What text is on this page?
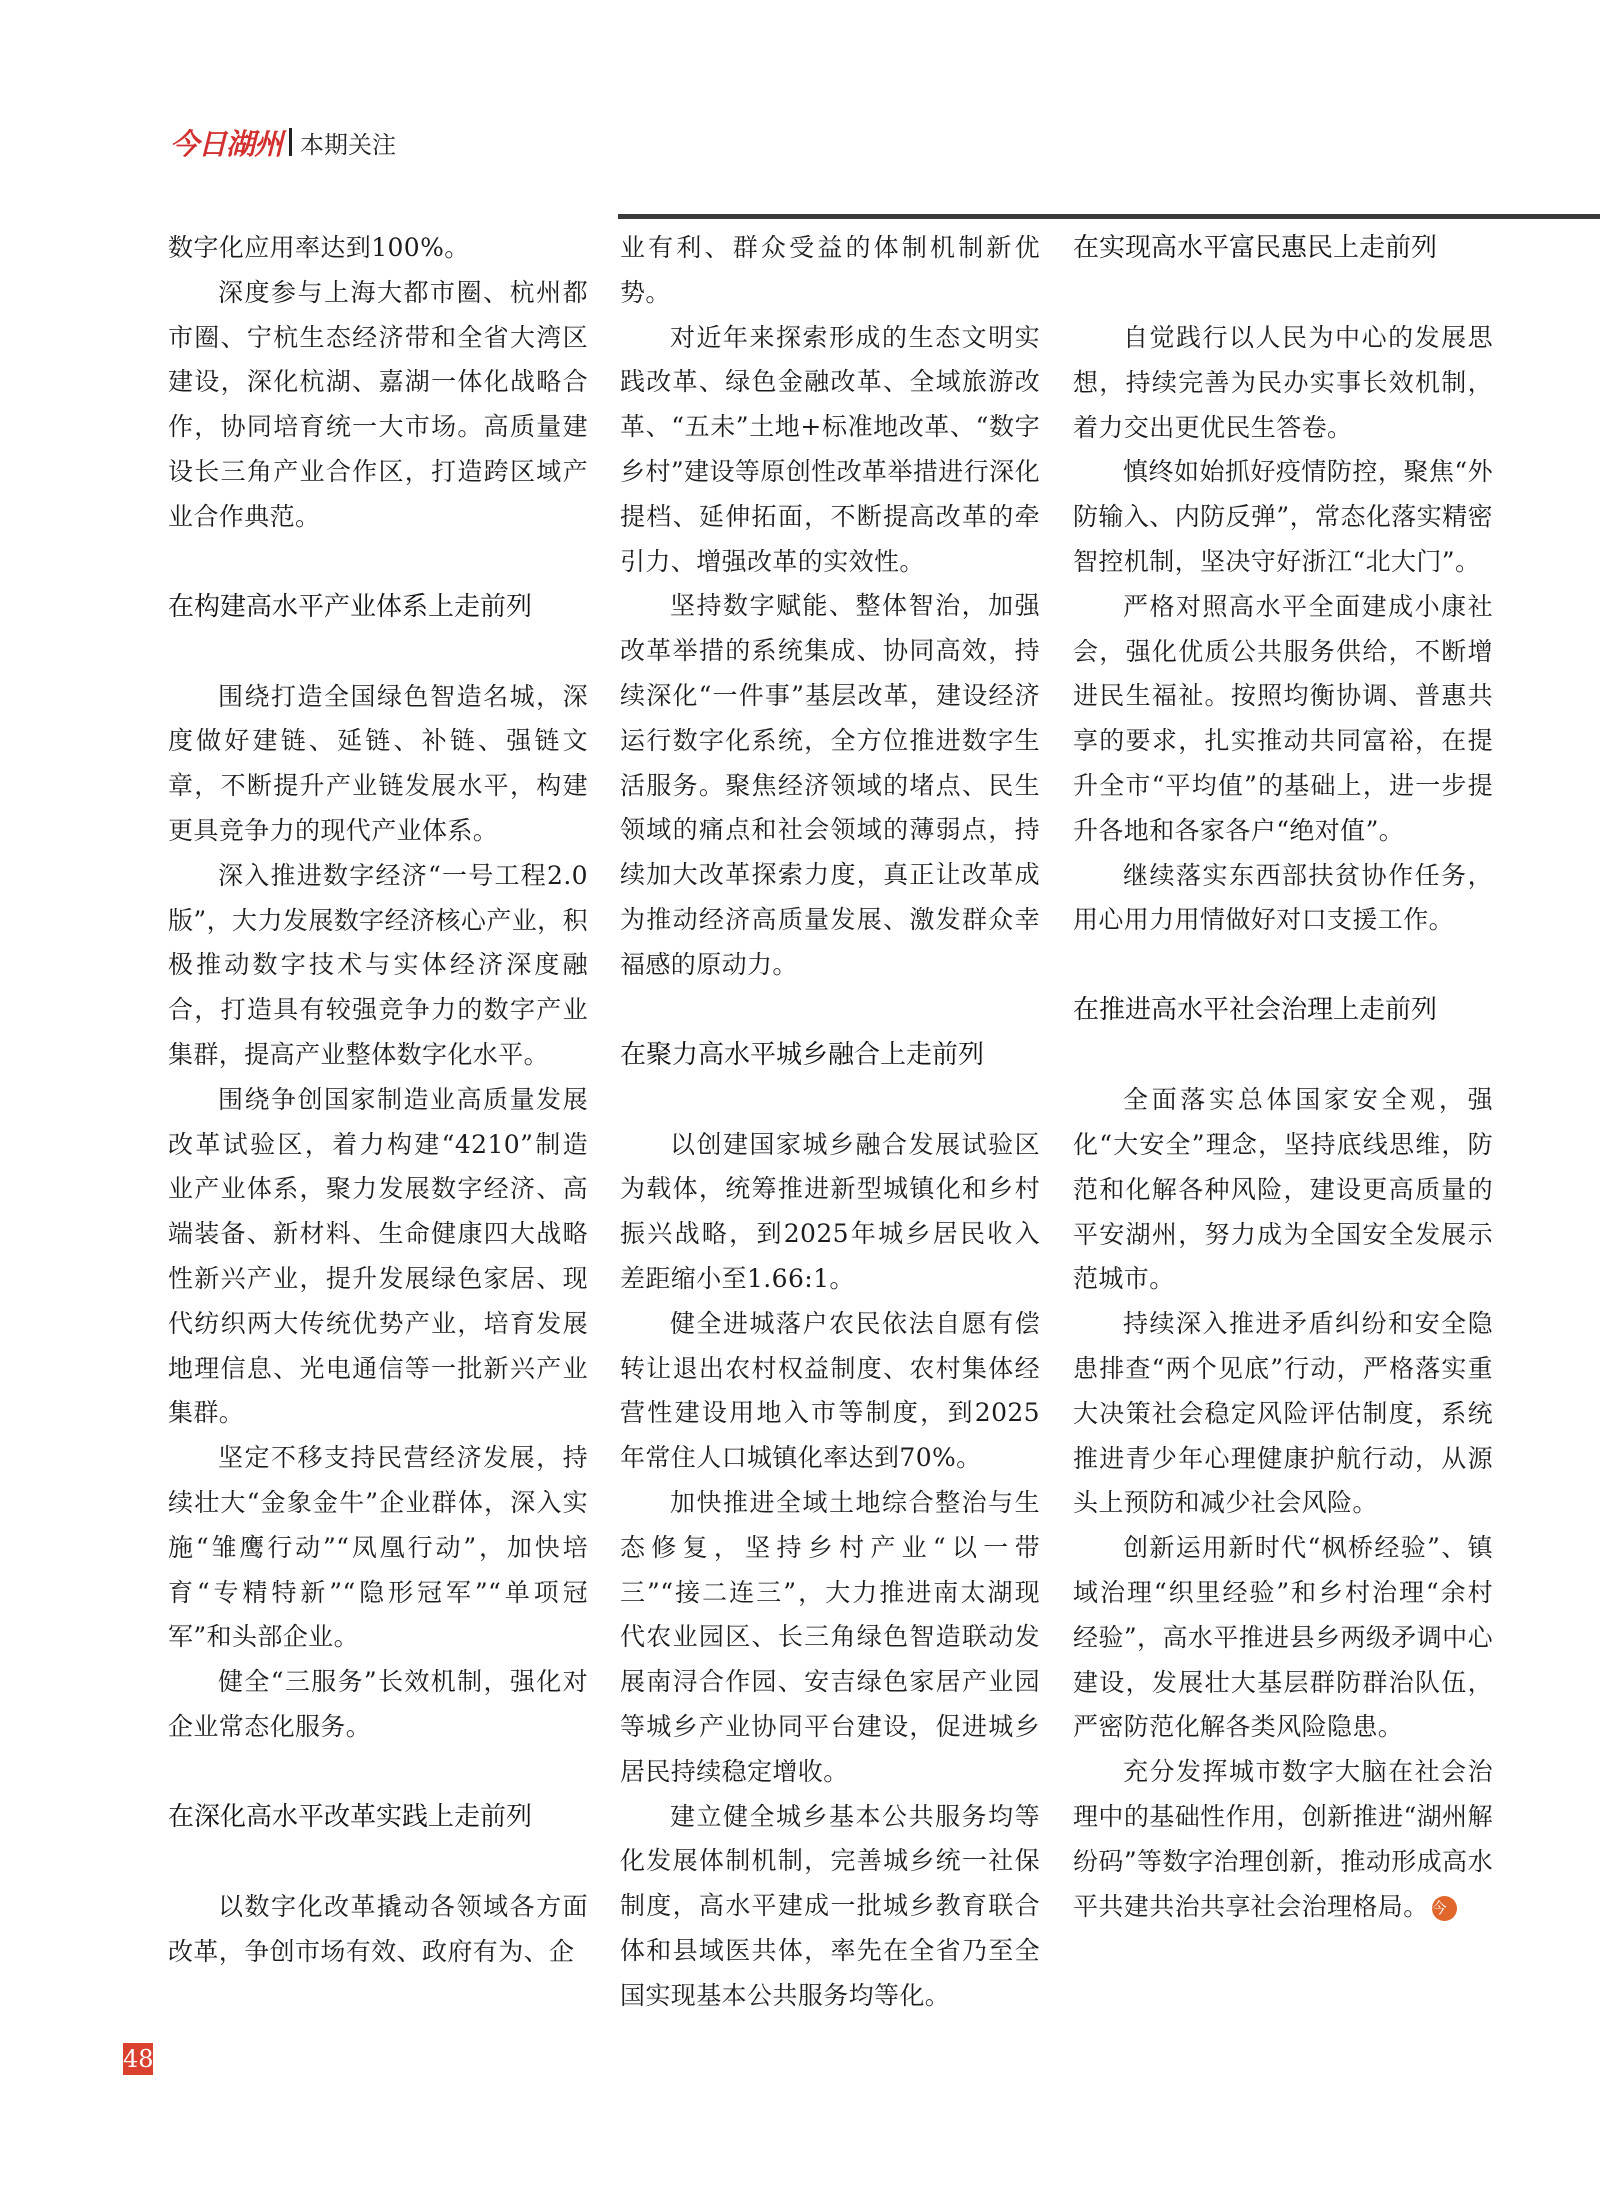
今日湖州 本期关注

数字化应用率达到100%。

深度参与上海大都市圈、杭州都市圈、宁杭生态经济带和全省大湾区建设，深化杭湖、嘉湖一体化战略合作，协同培育统一大市场。高质量建设长三角产业合作区，打造跨区域产业合作典范。

在构建高水平产业体系上走前列

围绕打造全国绿色智造名城，深度做好建链、延链、补链、强链文章，不断提升产业链发展水平，构建更具竞争力的现代产业体系。

深入推进数字经济“一号工程2.0版”，大力发展数字经济核心产业，积极推动数字技术与实体经济深度融合，打造具有较强竞争力的数字产业集群，提高产业整体数字化水平。

围绕争创国家制造业高质量发展改革试验区，着力构建“4210”制造业产业体系，聚力发展数字经济、高端装备、新材料、生命健康四大战略性新兴产业，提升发展绿色家居、现代纺织两大传统优势产业，培育发展地理信息、光电通信等一批新兴产业集群。

坚定不移支持民营经济发展，持续壮大“金象金牛”企业群体，深入实施“雏鹰行动”“凤凰行动”，加快培育“专精特新”“隐形冠军”“单项冠军”和头部企业。

健全“三服务”长效机制，强化对企业常态化服务。

在深化高水平改革实践上走前列

以数字化改革撬动各领域各方面改革，争创市场有效、政府有为、企

业有利、群众受益的体制机制新优势。

对近年来探索形成的生态文明实践改革、绿色金融改革、全域旅游改革、“五未”土地+标准地改革、“数字乡村”建设等原创性改革举措进行深化提档、延伸拓面，不断提高改革的牵引力、增强改革的实效性。

坚持数字赋能、整体智治，加强改革举措的系统集成、协同高效，持续深化“一件事”基层改革，建设经济运行数字化系统，全方位推进数字生活服务。聚焦经济领域的堵点、民生领域的痛点和社会领域的薄弱点，持续加大改革探索力度，真正让改革成为推动经济高质量发展、激发群众幸福感的原动力。

在聚力高水平城乡融合上走前列

以创建国家城乡融合发展试验区为载体，统筹推进新型城镇化和乡村振兴战略，到2025年城乡居民收入差距缩小至1.66:1。

健全进城落户农民依法自愿有偿转让退出农村权益制度、农村集体经营性建设用地入市等制度，到2025年常住人口城镇化率达到70%。

加快推进全域土地综合整治与生态修复，坚持乡村产业“以一带三”“接二连三”，大力推进南太湖现代农业园区、长三角绿色智造联动发展南浔合作园、安吉绿色家居产业园等城乡产业协同平台建设，促进城乡居民持续稳定增收。

建立健全城乡基本公共服务均等化发展体制机制，完善城乡统一社保制度，高水平建成一批城乡教育联合体和县域医共体，率先在全省乃至全国实现基本公共服务均等化。

在实现高水平富民惠民上走前列

自觉践行以人民为中心的发展思想，持续完善为民办实事长效机制，着力交出更优民生答卷。

慎终如始抓好疫情防控，聚焦“外防输入、内防反弹”，常态化落实精密智控机制，坚决守好浙江“北大门”。

严格对照高水平全面建成小康社会，强化优质公共服务供给，不断增进民生福祉。按照均衡协调、普惠共享的要求，扎实推动共同富裕，在提升全市“平均值”的基础上，进一步提升各地和各家各户“绝对值”。

继续落实东西部扶贫协作任务，用心用力用情做好对口支援工作。

在推进高水平社会治理上走前列

全面落实总体国家安全观，强化“大安全”理念，坚持底线思维，防范和化解各种风险，建设更高质量的平安湖州，努力成为全国安全发展示范城市。

持续深入推进矛盾纠纷和安全隐患排查“两个见底”行动，严格落实重大决策社会稳定风险评估制度，系统推进青少年心理健康护航行动，从源头上预防和减少社会风险。

创新运用新时代“枫桥经验”、镇域治理“织里经验”和乡村治理“余村经验”，高水平推进县乡两级矛调中心建设，发展壮大基层群防群治队伍，严密防范化解各类风险隐患。

充分发挥城市数字大脑在社会治理中的基础性作用，创新推进“湖州解纷码”等数字治理创新，推动形成高水平共建共治共享社会治理格局。 今

48
